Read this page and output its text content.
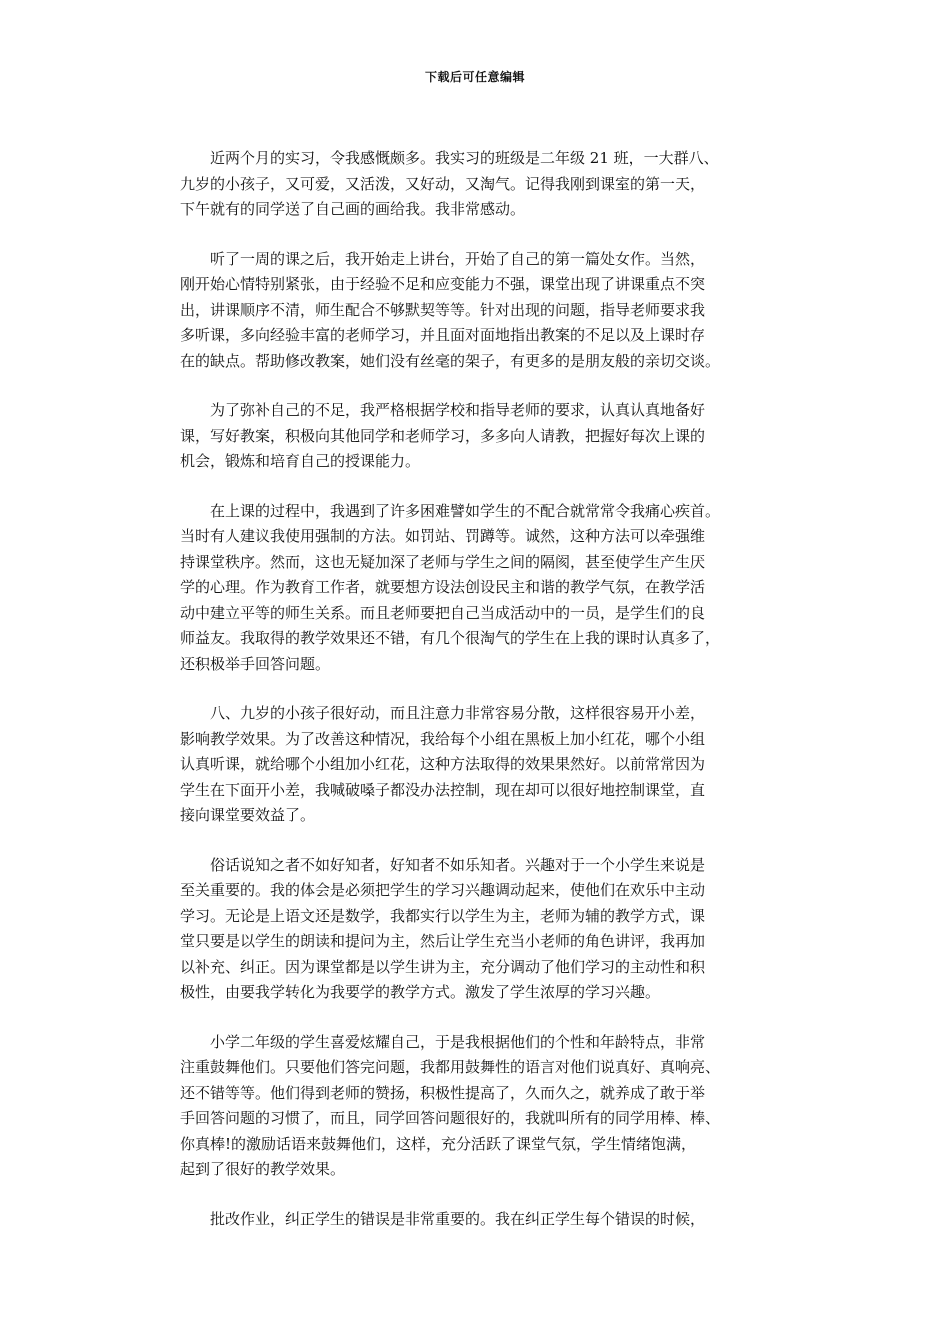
下载后可任意编辑
近两个月的实习，令我感慨颇多。我实习的班级是二年级 21 班，一大群八、
九岁的小孩子，又可爱，又活泼，又好动，又淘气。记得我刚到课室的第一天，
下午就有的同学送了自己画的画给我。我非常感动。
听了一周的课之后，我开始走上讲台，开始了自己的第一篇处女作。当然，
刚开始心情特别紧张，由于经验不足和应变能力不强，课堂出现了讲课重点不突
出，讲课顺序不清，师生配合不够默契等等。针对出现的问题，指导老师要求我
多听课，多向经验丰富的老师学习，并且面对面地指出教案的不足以及上课时存
在的缺点。帮助修改教案，她们没有丝毫的架子，有更多的是朋友般的亲切交谈。
为了弥补自己的不足，我严格根据学校和指导老师的要求，认真认真地备好
课，写好教案，积极向其他同学和老师学习，多多向人请教，把握好每次上课的
机会，锻炼和培育自己的授课能力。
在上课的过程中，我遇到了许多困难譬如学生的不配合就常常令我痛心疾首。
当时有人建议我使用强制的方法。如罚站、罚蹲等。诚然，这种方法可以牵强维
持课堂秩序。然而，这也无疑加深了老师与学生之间的隔阂，甚至使学生产生厌
学的心理。作为教育工作者，就要想方设法创设民主和谐的教学气氛，在教学活
动中建立平等的师生关系。而且老师要把自己当成活动中的一员，是学生们的良
师益友。我取得的教学效果还不错，有几个很淘气的学生在上我的课时认真多了，
还积极举手回答问题。
八、九岁的小孩子很好动，而且注意力非常容易分散，这样很容易开小差，
影响教学效果。为了改善这种情况，我给每个小组在黑板上加小红花，哪个小组
认真听课，就给哪个小组加小红花，这种方法取得的效果果然好。以前常常因为
学生在下面开小差，我喊破嗓子都没办法控制，现在却可以很好地控制课堂，直
接向课堂要效益了。
俗话说知之者不如好知者，好知者不如乐知者。兴趣对于一个小学生来说是
至关重要的。我的体会是必须把学生的学习兴趣调动起来，使他们在欢乐中主动
学习。无论是上语文还是数学，我都实行以学生为主，老师为辅的教学方式，课
堂只要是以学生的朗读和提问为主，然后让学生充当小老师的角色讲评，我再加
以补充、纠正。因为课堂都是以学生讲为主，充分调动了他们学习的主动性和积
极性，由要我学转化为我要学的教学方式。激发了学生浓厚的学习兴趣。
小学二年级的学生喜爱炫耀自己，于是我根据他们的个性和年龄特点，非常
注重鼓舞他们。只要他们答完问题，我都用鼓舞性的语言对他们说真好、真响亮、
还不错等等。他们得到老师的赞扬，积极性提高了，久而久之，就养成了敢于举
手回答问题的习惯了，而且，同学回答问题很好的，我就叫所有的同学用棒、棒、
你真棒!的激励话语来鼓舞他们，这样，充分活跃了课堂气氛，学生情绪饱满，
起到了很好的教学效果。
批改作业，纠正学生的错误是非常重要的。我在纠正学生每个错误的时候，
